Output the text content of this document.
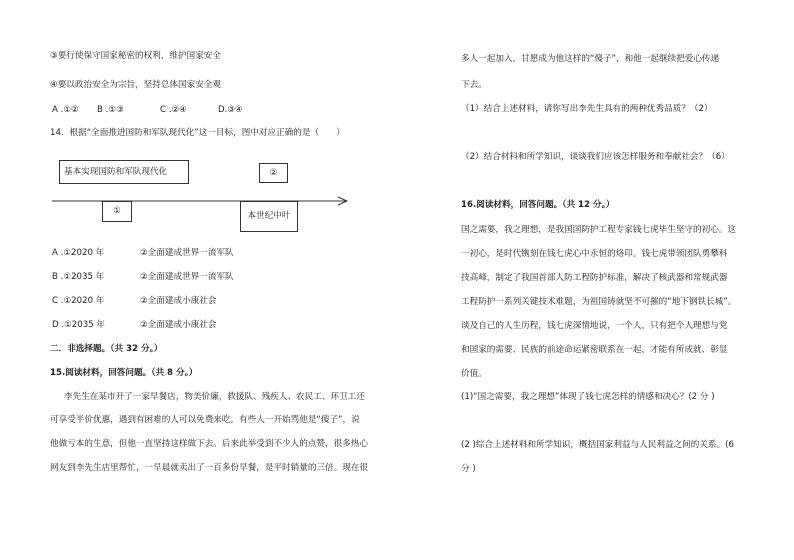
③要行使保守国家秘密的权利，维护国家安全
④要以政治安全为宗旨，坚持总体国家安全观
A .①② B .①③	C .②④	D.③④
14．根据“全面推进国防和军队现代化”这一目标，图中对应正确的是（　　）
基本实现国防和军队现代化	②
①	本世纪中叶
A .①2020 年	②全面建成世界一流军队
B .①2035 年	②全面建成世界一流军队
C .①2020 年	②全面建成小康社会
D .①2035 年	②全面建成小康社会
二．非选择题。（共 32 分。）
15.阅读材料，回答问题。（共 8 分。）
李先生在某市开了一家早餐店，物美价廉，救援队、残疾人、农民工、环卫工还
可享受半价优惠，遇到有困难的人可以免费来吃。有些人一开始骂他是“傻子”，说
他做亏本的生意，但他一直坚持这样做下去。后来此举受到不少人的点赞，很多热心
网友到李先生店里帮忙，一早晨就卖出了一百多份早餐，是平时销量的三倍。现在很
多人一起加入，甘愿成为他这样的“傻子”，和他一起继续把爱心传递
下去。
（1）结合上述材料，请你写出李先生具有的两种优秀品质？（2）
（2）结合材料和所学知识，谈谈我们应该怎样服务和奉献社会？（6）
16.阅读材料，回答问题。（共 12 分。）
国之需要，我之理想，是我国国防护工程专家钱七虎毕生坚守的初心。这
一初心，是时代镌刻在钱七虎心中永恒的烙印。钱七虎带领团队勇攀科
技高峰，制定了我国首部人防工程防护标准，解决了核武器和常规武器
工程防护一系列关键技术难题，为祖国铸就坚不可摧的“地下钢铁长城”。
谈及自己的人生历程，钱七虎深情地说，一个人，只有把个人理想与党
和国家的需要、民族的前途命运紧密联系在一起，才能有所成就、彰显
价值。
(1)“国之需要，我之理想”体现了钱七虎怎样的情感和决心？(2 分 )
(2 )综合上述材料和所学知识，概括国家利益与人民利益之间的关系。(6
分 )
